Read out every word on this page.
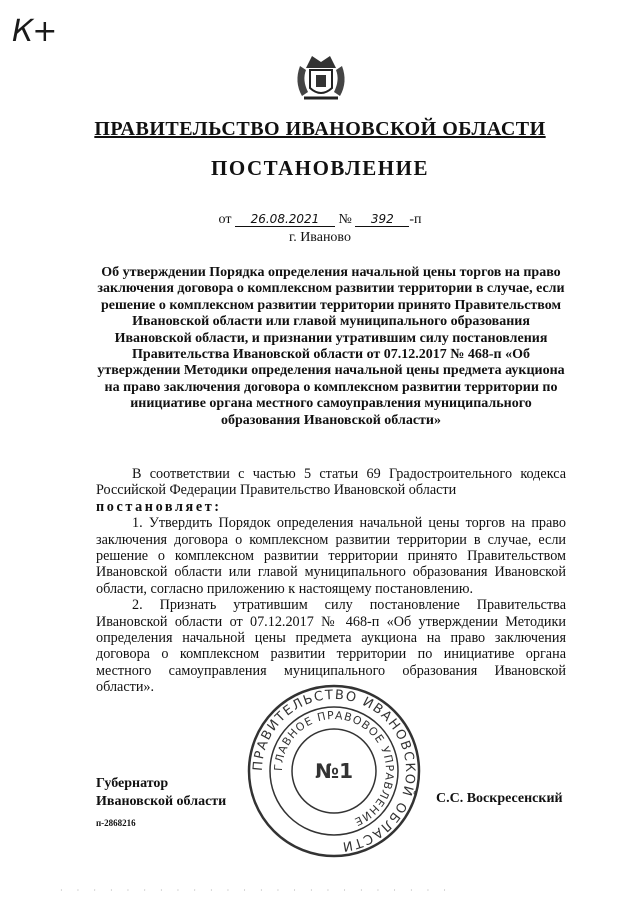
К+
ПРАВИТЕЛЬСТВО ИВАНОВСКОЙ ОБЛАСТИ
ПОСТАНОВЛЕНИЕ
от 26.08.2021 № 392 -п
г. Иваново
Об утверждении Порядка определения начальной цены торгов на право заключения договора о комплексном развитии территории в случае, если решение о комплексном развитии территории принято Правительством Ивановской области или главой муниципального образования Ивановской области, и признании утратившим силу постановления Правительства Ивановской области от 07.12.2017 № 468-п «Об утверждении Методики определения начальной цены предмета аукциона на право заключения договора о комплексном развитии территории по инициативе органа местного самоуправления муниципального образования Ивановской области»

В соответствии с частью 5 статьи 69 Градостроительного кодекса Российской Федерации Правительство Ивановской области

постановляет:

1. Утвердить Порядок определения начальной цены торгов на право заключения договора о комплексном развитии территории в случае, если решение о комплексном развитии территории принято Правительством Ивановской области или главой муниципального образования Ивановской области, согласно приложению к настоящему постановлению.

2. Признать утратившим силу постановление Правительства Ивановской области от 07.12.2017 № 468-п «Об утверждении Методики определения начальной цены предмета аукциона на право заключения договора о комплексном развитии территории по инициативе органа местного самоуправления муниципального образования Ивановской области».

Губернатор
Ивановской области	С.С. Воскресенский
п-2868216
ПРАВИТЕЛЬСТВО ИВАНОВСКОЙ ОБЛАСТИ
ГЛАВНОЕ ПРАВОВОЕ УПРАВЛЕНИЕ
№1
· · · · · · · · · · · · · · · · · · · · · · · ·
